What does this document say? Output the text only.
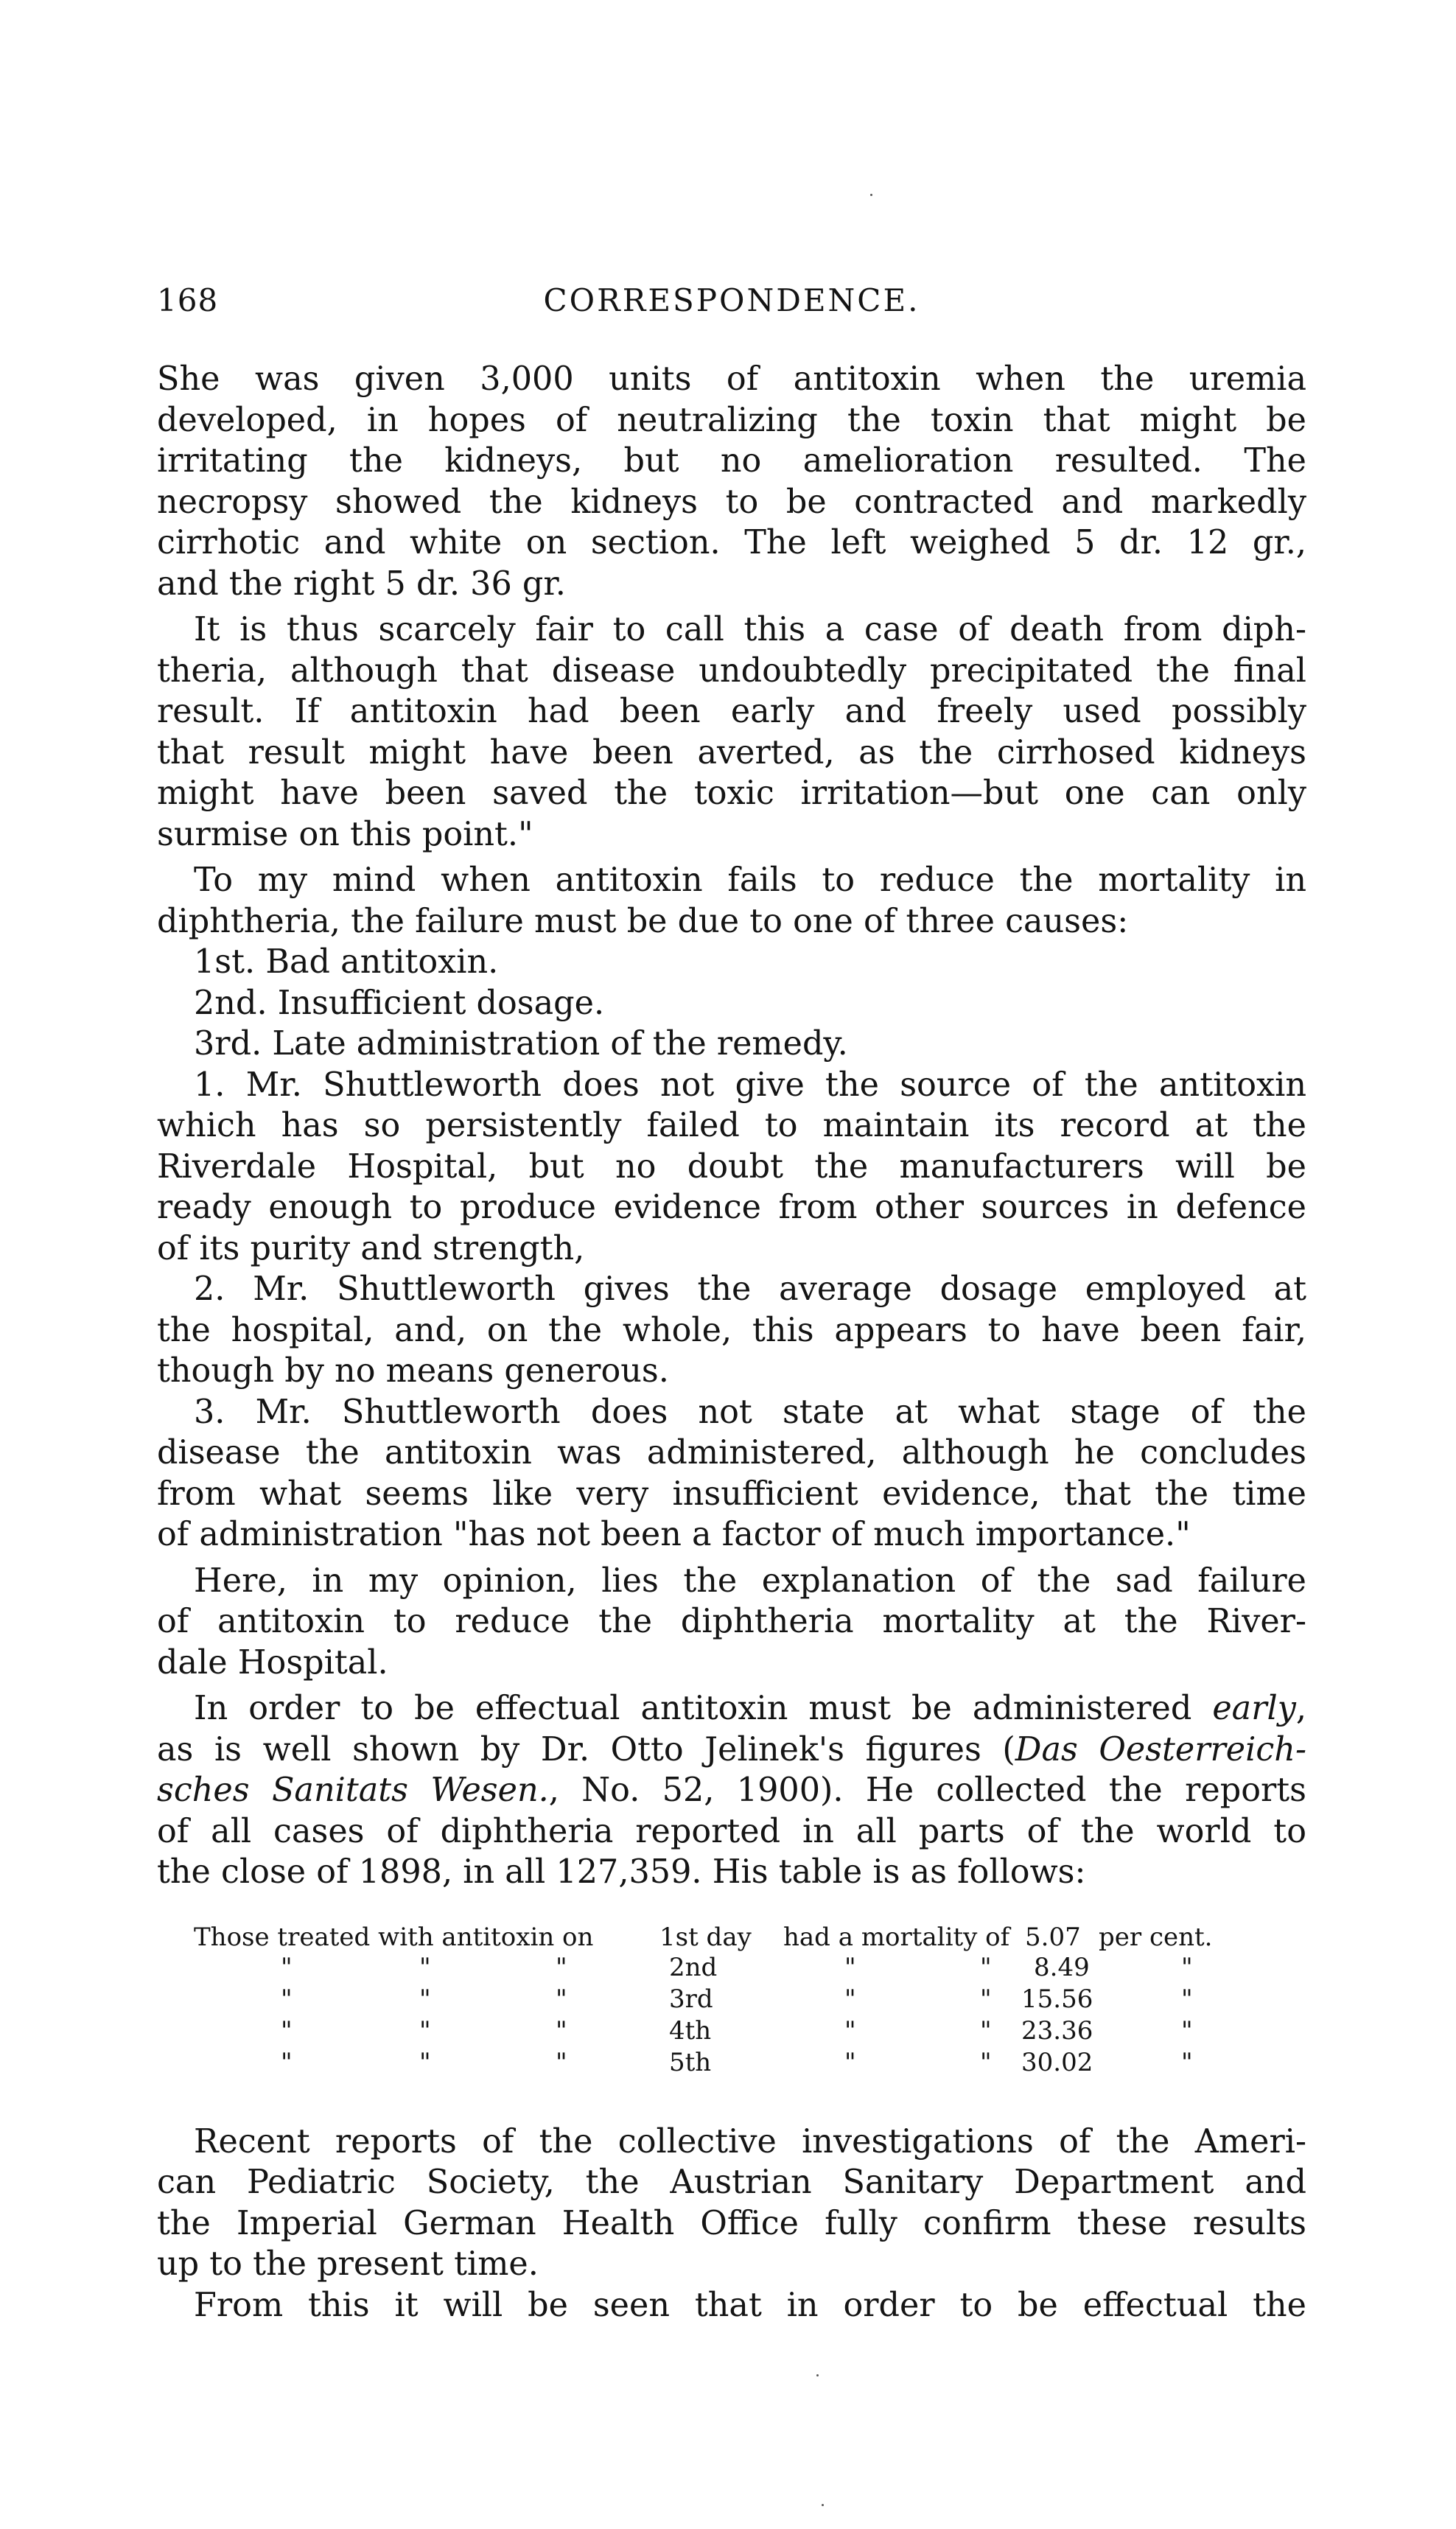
168	CORRESPONDENCE.
She was given 3,000 units of antitoxin when the uremia
developed, in hopes of neutralizing the toxin that might be
irritating the kidneys, but no amelioration resulted. The
necropsy showed the kidneys to be contracted and markedly
cirrhotic and white on section. The left weighed 5 dr. 12 gr.,
and the right 5 dr. 36 gr.
It is thus scarcely fair to call this a case of death from diph-
theria, although that disease undoubtedly precipitated the final
result. If antitoxin had been early and freely used possibly
that result might have been averted, as the cirrhosed kidneys
might have been saved the toxic irritation—but one can only
surmise on this point."
To my mind when antitoxin fails to reduce the mortality in
diphtheria, the failure must be due to one of three causes:
1st. Bad antitoxin.
2nd. Insufficient dosage.
3rd. Late administration of the remedy.
1. Mr. Shuttleworth does not give the source of the antitoxin
which has so persistently failed to maintain its record at the
Riverdale Hospital, but no doubt the manufacturers will be
ready enough to produce evidence from other sources in defence
of its purity and strength,
2. Mr. Shuttleworth gives the average dosage employed at
the hospital, and, on the whole, this appears to have been fair,
though by no means generous.
3. Mr. Shuttleworth does not state at what stage of the
disease the antitoxin was administered, although he concludes
from what seems like very insufficient evidence, that the time
of administration "has not been a factor of much importance."
Here, in my opinion, lies the explanation of the sad failure
of antitoxin to reduce the diphtheria mortality at the River-
dale Hospital.
In order to be effectual antitoxin must be administered early,
as is well shown by Dr. Otto Jelinek's figures (Das Oesterreich-
sches Sanitats Wesen., No. 52, 1900). He collected the reports
of all cases of diphtheria reported in all parts of the world to
the close of 1898, in all 127,359. His table is as follows:
Those treated with antitoxin on	1st day had a mortality of 5.07 per cent.
"	"	"	2nd	"	" 8.49	"
"	"	"	3rd	"	" 15.56	"
"	"	"	4th	"	" 23.36	"
"	"	"	5th	"	" 30.02	"
Recent reports of the collective investigations of the Ameri-
can Pediatric Society, the Austrian Sanitary Department and
the Imperial German Health Office fully confirm these results
up to the present time.
From this it will be seen that in order to be effectual the
